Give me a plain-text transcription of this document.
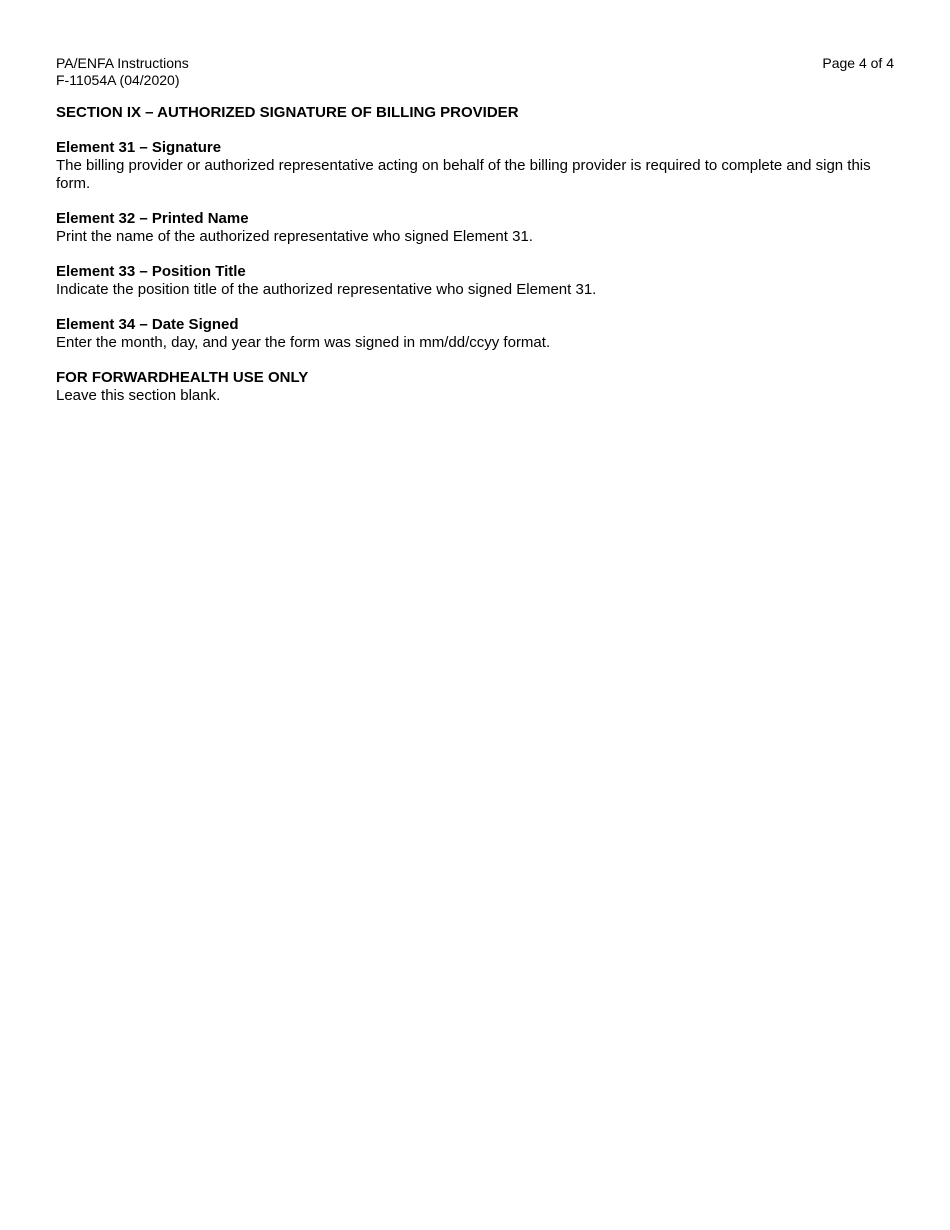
PA/ENFA Instructions
F-11054A (04/2020)
Page 4 of 4
SECTION IX – AUTHORIZED SIGNATURE OF BILLING PROVIDER
Element 31 – Signature
The billing provider or authorized representative acting on behalf of the billing provider is required to complete and sign this form.
Element 32 – Printed Name
Print the name of the authorized representative who signed Element 31.
Element 33 – Position Title
Indicate the position title of the authorized representative who signed Element 31.
Element 34 – Date Signed
Enter the month, day, and year the form was signed in mm/dd/ccyy format.
FOR FORWARDHEALTH USE ONLY
Leave this section blank.
